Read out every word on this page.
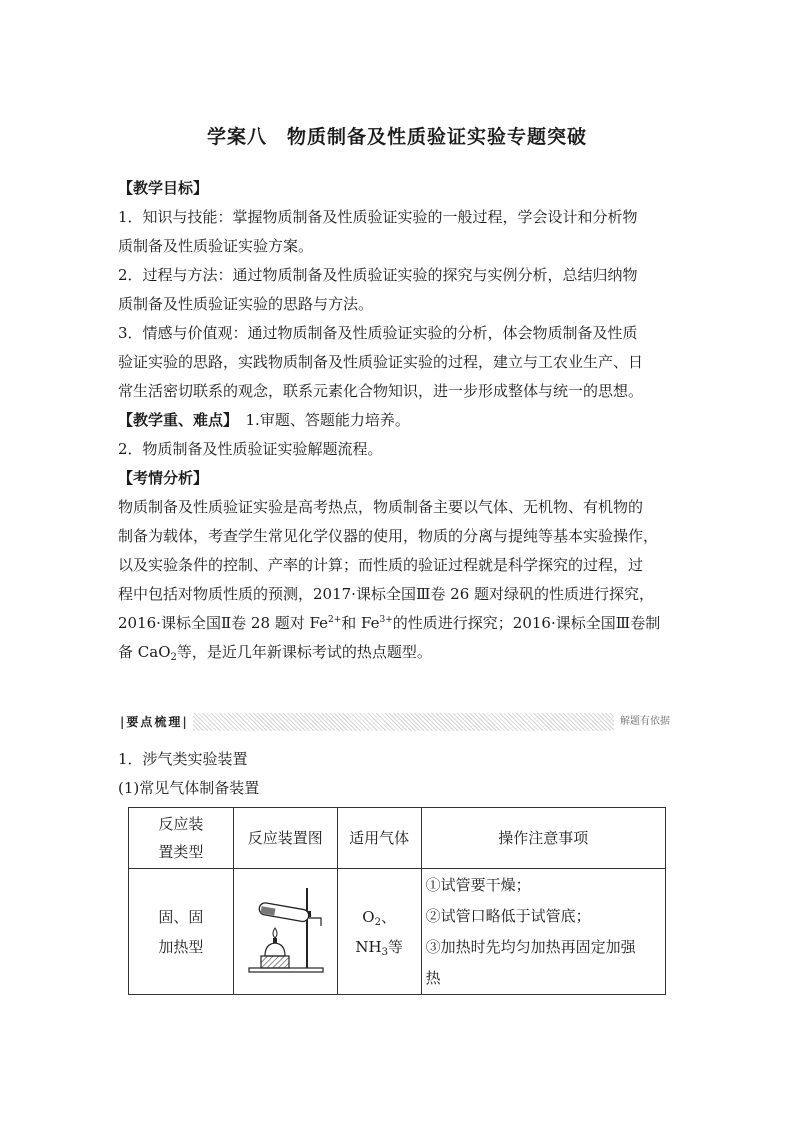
学案八　物质制备及性质验证实验专题突破
【教学目标】
1．知识与技能：掌握物质制备及性质验证实验的一般过程，学会设计和分析物
质制备及性质验证实验方案。
2．过程与方法：通过物质制备及性质验证实验的探究与实例分析，总结归纳物
质制备及性质验证实验的思路与方法。
3．情感与价值观：通过物质制备及性质验证实验的分析，体会物质制备及性质
验证实验的思路，实践物质制备及性质验证实验的过程，建立与工农业生产、日
常生活密切联系的观念，联系元素化合物知识，进一步形成整体与统一的思想。
【教学重、难点】　1.审题、答题能力培养。
2．物质制备及性质验证实验解题流程。
【考情分析】
物质制备及性质验证实验是高考热点，物质制备主要以气体、无机物、有机物的
制备为载体，考查学生常见化学仪器的使用，物质的分离与提纯等基本实验操作，
以及实验条件的控制、产率的计算；而性质的验证过程就是科学探究的过程，过
程中包括对物质性质的预测，2017·课标全国Ⅲ卷 26 题对绿矾的性质进行探究，
2016·课标全国Ⅱ卷 28 题对 $Fe^{2+}$和 $Fe^{3+}$的性质进行探究；2016·课标全国Ⅲ卷制
备 CaO$_2$等，是近几年新课标考试的热点题型。
|要点梳理|	解题有依据
1．涉气类实验装置
(1)常见气体制备装置
反应装
置类型	反应装置图	适用气体	操作注意事项

固、固
加热型		$O_2$、
$NH_3$等	①试管要干燥；
②试管口略低于试管底；
③加热时先均匀加热再固定加强
热
